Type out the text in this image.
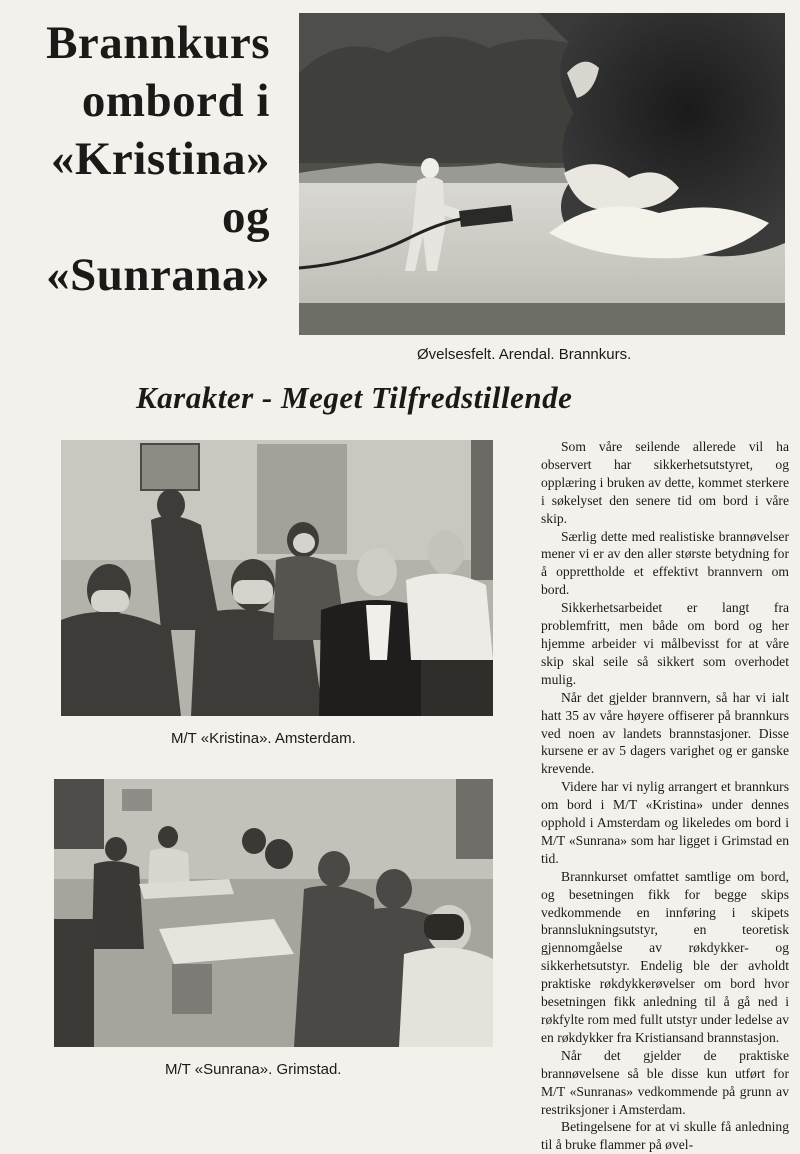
Brannkurs
ombord i
«Kristina»
og
«Sunrana»
Øvelsesfelt. Arendal. Brannkurs.
Karakter - Meget Tilfredstillende
M/T «Kristina». Amsterdam.
M/T «Sunrana». Grimstad.

Som våre seilende allerede vil ha observert har sikkerhetsutstyret, og opplæring i bruken av dette, kommet sterkere i søkelyset den senere tid om bord i våre skip.

Særlig dette med realistiske brannøvelser mener vi er av den aller største betydning for å opprettholde et effektivt brannvern om bord.

Sikkerhetsarbeidet er langt fra problemfritt, men både om bord og her hjemme arbeider vi målbevisst for at våre skip skal seile så sikkert som overhodet mulig.

Når det gjelder brannvern, så har vi ialt hatt 35 av våre høyere offiserer på brannkurs ved noen av landets brannstasjoner. Disse kursene er av 5 dagers varighet og er ganske krevende.

Videre har vi nylig arrangert et brannkurs om bord i M/T «Kristina» under dennes opphold i Amsterdam og likeledes om bord i M/T «Sunrana» som har ligget i Grimstad en tid.

Brannkurset omfattet samtlige om bord, og besetningen fikk for begge skips vedkommende en innføring i skipets brannslukningsutstyr, en teoretisk gjennomgåelse av røkdykker- og sikkerhetsutstyr. Endelig ble der avholdt praktiske røkdykkerøvelser om bord hvor besetningen fikk anledning til å gå ned i røkfylte rom med fullt utstyr under ledelse av en røkdykker fra Kristiansand brannstasjon.

Når det gjelder de praktiske brannøvelsene så ble disse kun utført for M/T «Sunranas» vedkommende på grunn av restriksjoner i Amsterdam.

Betingelsene for at vi skulle få anledning til å bruke flammer på øvel-
